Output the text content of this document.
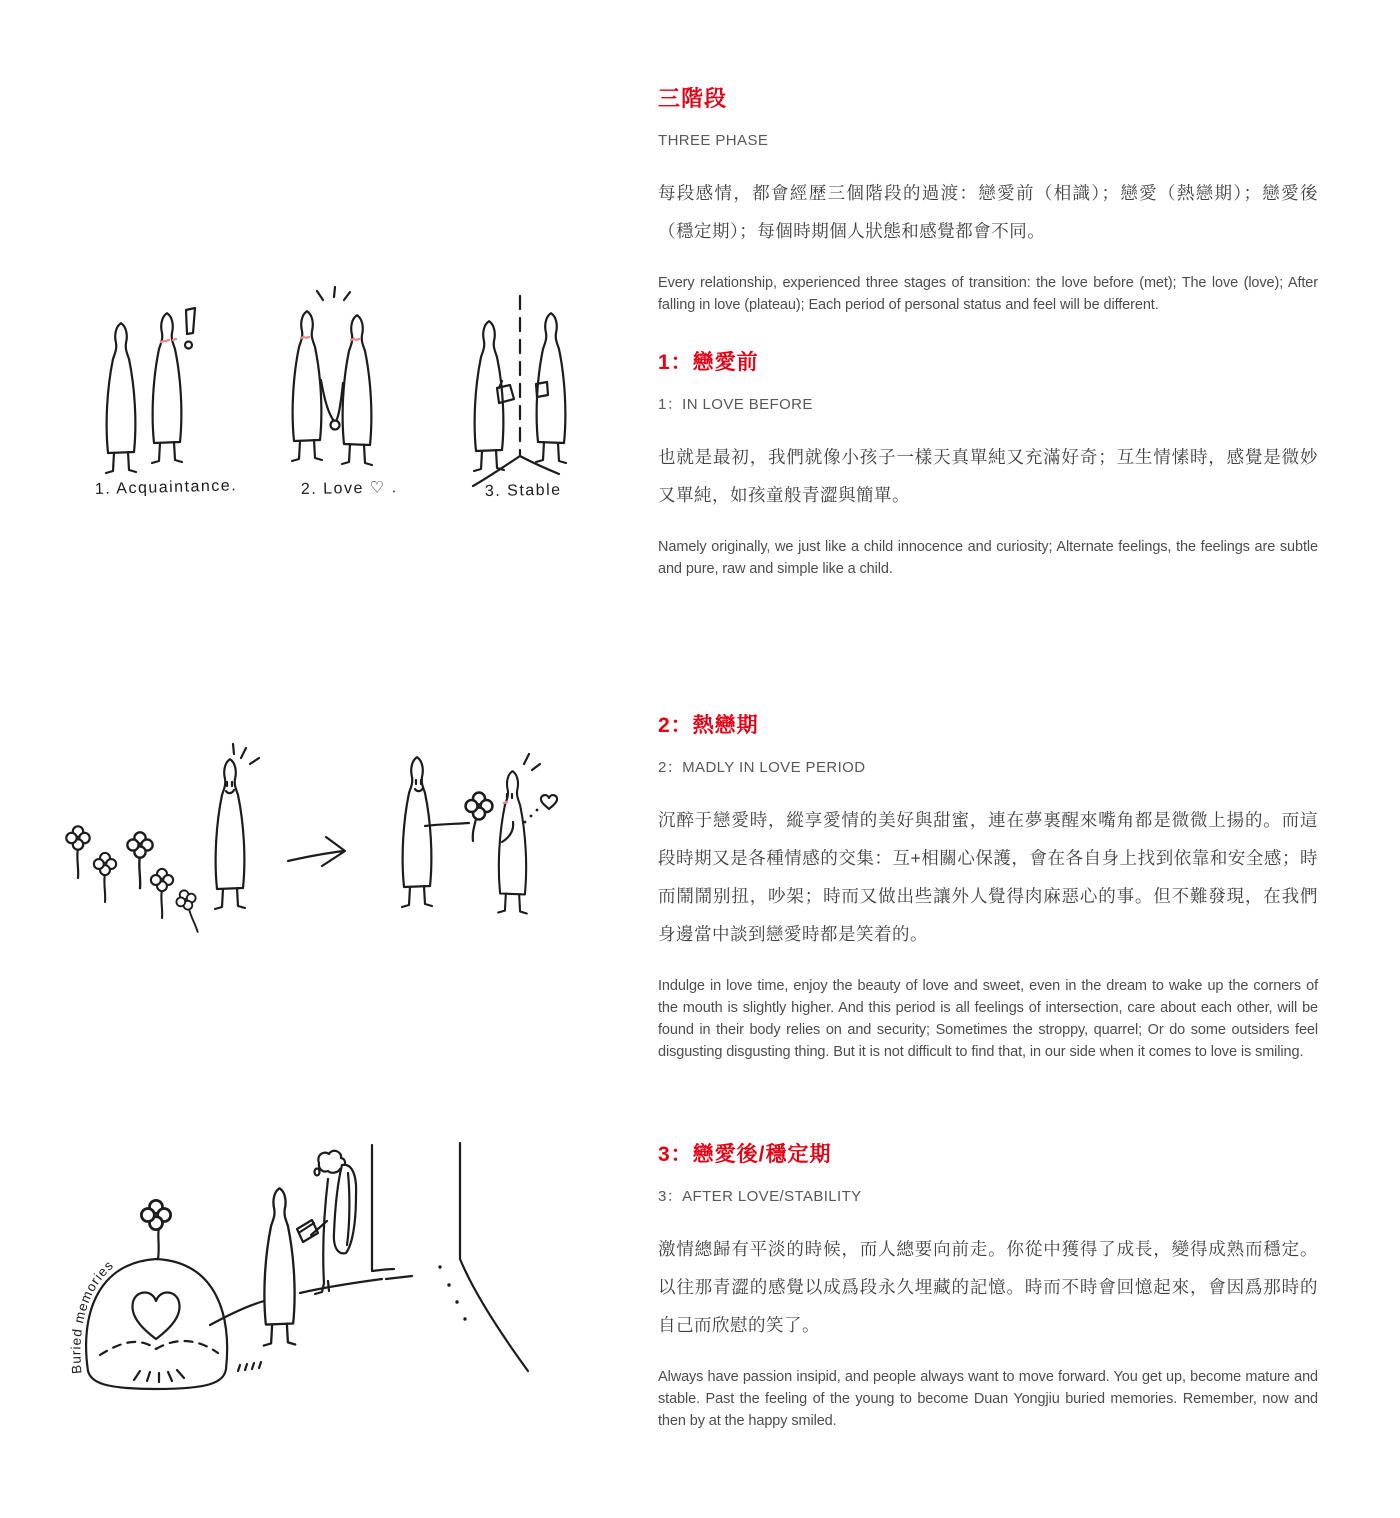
1. Acquaintance.	2. Love ♡ .	3. Stable
Buried memories
三階段
THREE PHASE

每段感情，都會經歷三個階段的過渡：戀愛前（相識）；戀愛（熱戀期）；戀愛後（穩定期）；每個時期個人狀態和感覺都會不同。

Every relationship, experienced three stages of transition: the love before (met); The love (love); After falling in love (plateau); Each period of personal status and feel will be different.

1：戀愛前
1：IN LOVE BEFORE

也就是最初，我們就像小孩子一樣天真單純又充滿好奇；互生情愫時，感覺是微妙又單純，如孩童般青澀與簡單。

Namely originally, we just like a child innocence and curiosity; Alternate feelings, the feelings are subtle and pure, raw and simple like a child.

2：熱戀期
2：MADLY IN LOVE PERIOD

沉醉于戀愛時，縱享愛情的美好與甜蜜，連在夢裏醒來嘴角都是微微上揚的。而這段時期又是各種情感的交集：互+相關心保護，會在各自身上找到依靠和安全感；時而鬧鬧别扭，吵架；時而又做出些讓外人覺得肉麻惡心的事。但不難發現，在我們身邊當中談到戀愛時都是笑着的。

Indulge in love time, enjoy the beauty of love and sweet, even in the dream to wake up the corners of the mouth is slightly higher. And this period is all feelings of intersection, care about each other, will be found in their body relies on and security; Sometimes the stroppy, quarrel; Or do some outsiders feel disgusting disgusting thing. But it is not difficult to find that, in our side when it comes to love is smiling.

3：戀愛後/穩定期
3：AFTER LOVE/STABILITY

激情總歸有平淡的時候，而人總要向前走。你從中獲得了成長，變得成熟而穩定。以往那青澀的感覺以成爲段永久埋藏的記憶。時而不時會回憶起來，會因爲那時的自己而欣慰的笑了。

Always have passion insipid, and people always want to move forward. You get up, become mature and stable. Past the feeling of the young to become Duan Yongjiu buried memories. Remember, now and then by at the happy smiled.
